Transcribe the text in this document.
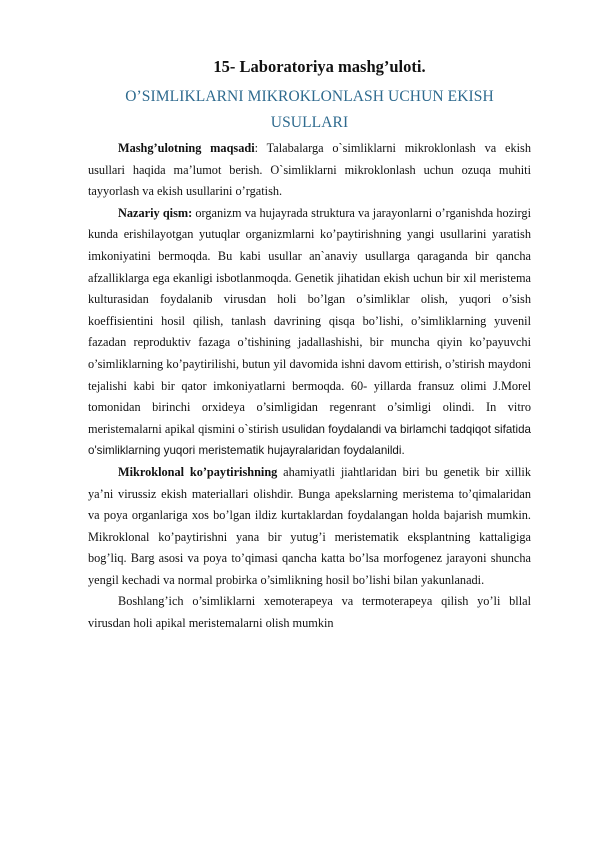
15- Laboratoriya mashg’uloti.
O’SIMLIKLARNI MIKROKLONLASH UCHUN EKISH USULLARI

Mashg’ulotning maqsadi: Talabalarga o`simliklarni mikroklonlash va ekish usullari haqida ma’lumot berish. O`simliklarni mikroklonlash uchun ozuqa muhiti tayyorlash va ekish usullarini o’rgatish.

Nazariy qism: organizm va hujayrada struktura va jarayonlarni o’rganishda hozirgi kunda erishilayotgan yutuqlar organizmlarni ko’paytirishning yangi usullarini yaratish imkoniyatini bermoqda. Bu kabi usullar an`anaviy usullarga qaraganda bir qancha afzalliklarga ega ekanligi isbotlanmoqda. Genetik jihatidan ekish uchun bir xil meristema kulturasidan foydalanib virusdan holi bo’lgan o’simliklar olish, yuqori o’sish koeffisientini hosil qilish, tanlash davrining qisqa bo’lishi, o’simliklarning yuvenil fazadan reproduktiv fazaga o’tishining jadallashishi, bir muncha qiyin ko’payuvchi o’simliklarning ko’paytirilishi, butun yil davomida ishni davom ettirish, o’stirish maydoni tejalishi kabi bir qator imkoniyatlarni bermoqda. 60- yillarda fransuz olimi J.Morel tomonidan birinchi orxideya o’simligidan regenrant o’simligi olindi. In vitro meristemalarni apikal qismini o`stirish usulidan foydalandi va birlamchi tadqiqot sifatida o'simliklarning yuqori meristematik hujayralaridan foydalanildi.

Mikroklonal ko’paytirishning ahamiyatli jiahtlaridan biri bu genetik bir xillik ya’ni virussiz ekish materiallari olishdir. Bunga apekslarning meristema to’qimalaridan va poya organlariga xos bo’lgan ildiz kurtaklardan foydalangan holda bajarish mumkin. Mikroklonal ko’paytirishni yana bir yutug’i meristematik eksplantning kattaligiga bog’liq. Barg asosi va poya to’qimasi qancha katta bo’lsa morfogenez jarayoni shuncha yengil kechadi va normal probirka o’simlikning hosil bo’lishi bilan yakunlanadi.

Boshlang’ich o’simliklarni xemoterapeya va termoterapeya qilish yo’li bllal virusdan holi apikal meristemalarni olish mumkin
